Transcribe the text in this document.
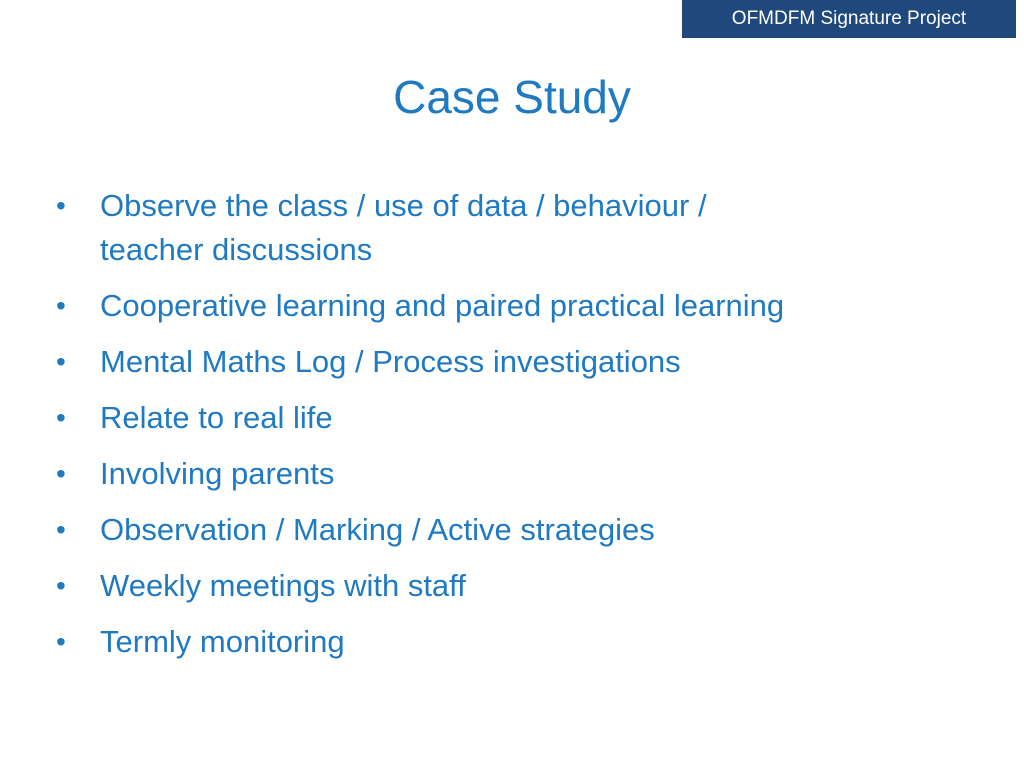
OFMDFM Signature Project
Case Study
• Observe the class / use of data / behaviour /
teacher discussions
• Cooperative learning and paired practical learning
• Mental Maths Log / Process investigations
• Relate to real life
• Involving parents
• Observation / Marking / Active strategies
• Weekly meetings with staff
• Termly monitoring
